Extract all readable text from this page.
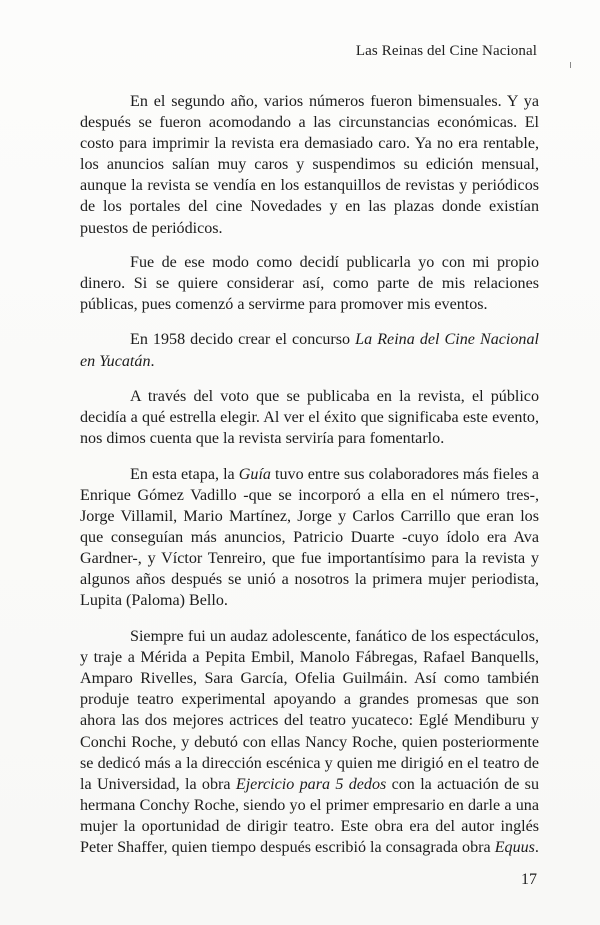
Las Reinas del Cine Nacional

En el segundo año, varios números fueron bimensuales. Y ya después se fueron acomodando a las circunstancias económicas. El costo para imprimir la revista era demasiado caro. Ya no era rentable, los anuncios salían muy caros y suspendimos su edición mensual, aunque la revista se vendía en los estanquillos de revistas y periódicos de los portales del cine Novedades y en las plazas donde existían puestos de periódicos.

Fue de ese modo como decidí publicarla yo con mi propio dinero. Si se quiere considerar así, como parte de mis relaciones públicas, pues comenzó a servirme para promover mis eventos.

En 1958 decido crear el concurso La Reina del Cine Nacional en Yucatán.

A través del voto que se publicaba en la revista, el público decidía a qué estrella elegir. Al ver el éxito que significaba este evento, nos dimos cuenta que la revista serviría para fomentarlo.

En esta etapa, la Guía tuvo entre sus colaboradores más fieles a Enrique Gómez Vadillo -que se incorporó a ella en el número tres-, Jorge Villamil, Mario Martínez, Jorge y Carlos Carrillo que eran los que conseguían más anuncios, Patricio Duarte -cuyo ídolo era Ava Gardner-, y Víctor Tenreiro, que fue importantísimo para la revista y algunos años después se unió a nosotros la primera mujer periodista, Lupita (Paloma) Bello.

Siempre fui un audaz adolescente, fanático de los espectáculos, y traje a Mérida a Pepita Embil, Manolo Fábregas, Rafael Banquells, Amparo Rivelles, Sara García, Ofelia Guilmáin. Así como también produje teatro experimental apoyando a grandes promesas que son ahora las dos mejores actrices del teatro yucateco: Eglé Mendiburu y Conchi Roche, y debutó con ellas Nancy Roche, quien posteriormente se dedicó más a la dirección escénica y quien me dirigió en el teatro de la Universidad, la obra Ejercicio para 5 dedos con la actuación de su hermana Conchy Roche, siendo yo el primer empresario en darle a una mujer la oportunidad de dirigir teatro. Este obra era del autor inglés Peter Shaffer, quien tiempo después escribió la consagrada obra Equus.

17
